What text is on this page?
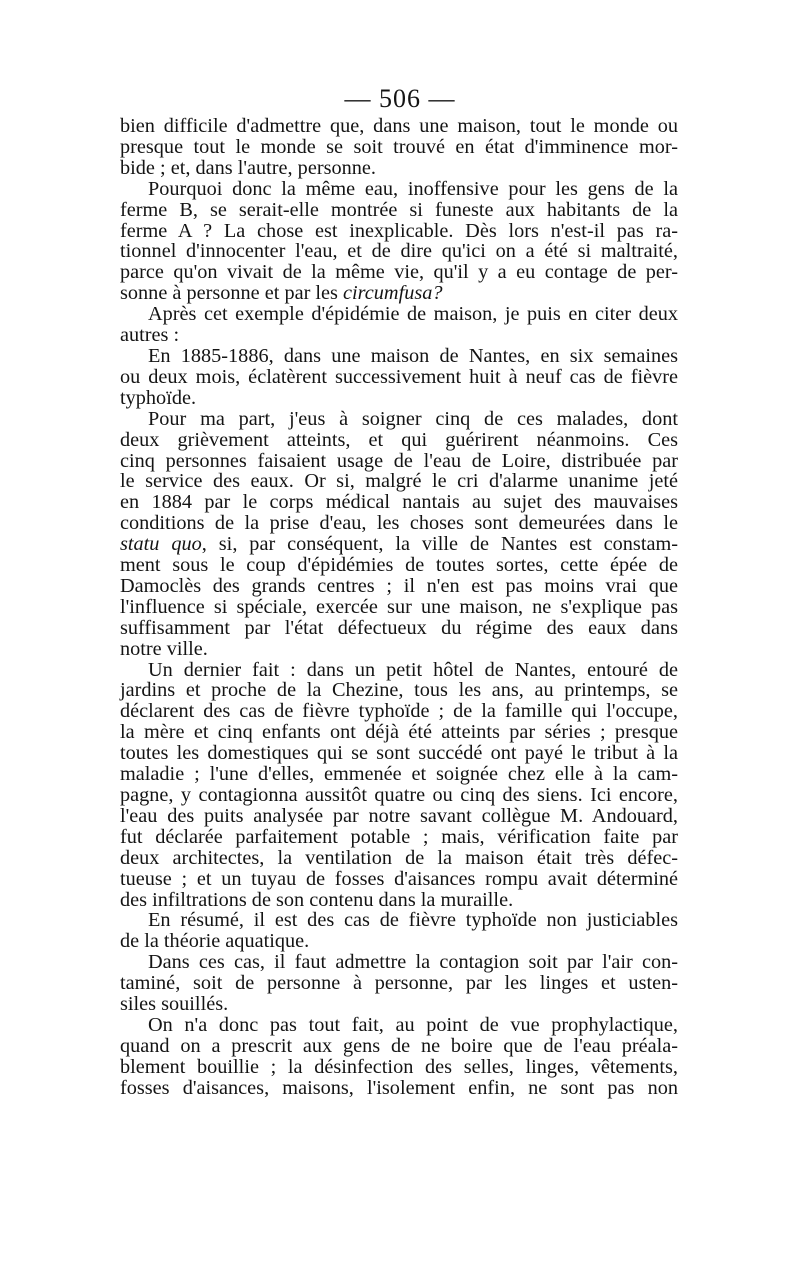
— 506 —

bien difficile d'admettre que, dans une maison, tout le monde ou
presque tout le monde se soit trouvé en état d'imminence mor-
bide ; et, dans l'autre, personne.

Pourquoi donc la même eau, inoffensive pour les gens de la
ferme B, se serait-elle montrée si funeste aux habitants de la
ferme A ? La chose est inexplicable. Dès lors n'est-il pas ra-
tionnel d'innocenter l'eau, et de dire qu'ici on a été si maltraité,
parce qu'on vivait de la même vie, qu'il y a eu contage de per-
sonne à personne et par les circumfusa?

Après cet exemple d'épidémie de maison, je puis en citer deux
autres :

En 1885-1886, dans une maison de Nantes, en six semaines
ou deux mois, éclatèrent successivement huit à neuf cas de fièvre
typhoïde.

Pour ma part, j'eus à soigner cinq de ces malades, dont
deux grièvement atteints, et qui guérirent néanmoins. Ces
cinq personnes faisaient usage de l'eau de Loire, distribuée par
le service des eaux. Or si, malgré le cri d'alarme unanime jeté
en 1884 par le corps médical nantais au sujet des mauvaises
conditions de la prise d'eau, les choses sont demeurées dans le
statu quo, si, par conséquent, la ville de Nantes est constam-
ment sous le coup d'épidémies de toutes sortes, cette épée de
Damoclès des grands centres ; il n'en est pas moins vrai que
l'influence si spéciale, exercée sur une maison, ne s'explique pas
suffisamment par l'état défectueux du régime des eaux dans
notre ville.

Un dernier fait : dans un petit hôtel de Nantes, entouré de
jardins et proche de la Chezine, tous les ans, au printemps, se
déclarent des cas de fièvre typhoïde ; de la famille qui l'occupe,
la mère et cinq enfants ont déjà été atteints par séries ; presque
toutes les domestiques qui se sont succédé ont payé le tribut à la
maladie ; l'une d'elles, emmenée et soignée chez elle à la cam-
pagne, y contagionna aussitôt quatre ou cinq des siens. Ici encore,
l'eau des puits analysée par notre savant collègue M. Andouard,
fut déclarée parfaitement potable ; mais, vérification faite par
deux architectes, la ventilation de la maison était très défec-
tueuse ; et un tuyau de fosses d'aisances rompu avait déterminé
des infiltrations de son contenu dans la muraille.

En résumé, il est des cas de fièvre typhoïde non justiciables
de la théorie aquatique.

Dans ces cas, il faut admettre la contagion soit par l'air con-
taminé, soit de personne à personne, par les linges et usten-
siles souillés.

On n'a donc pas tout fait, au point de vue prophylactique,
quand on a prescrit aux gens de ne boire que de l'eau préala-
blement bouillie ; la désinfection des selles, linges, vêtements,
fosses d'aisances, maisons, l'isolement enfin, ne sont pas non
